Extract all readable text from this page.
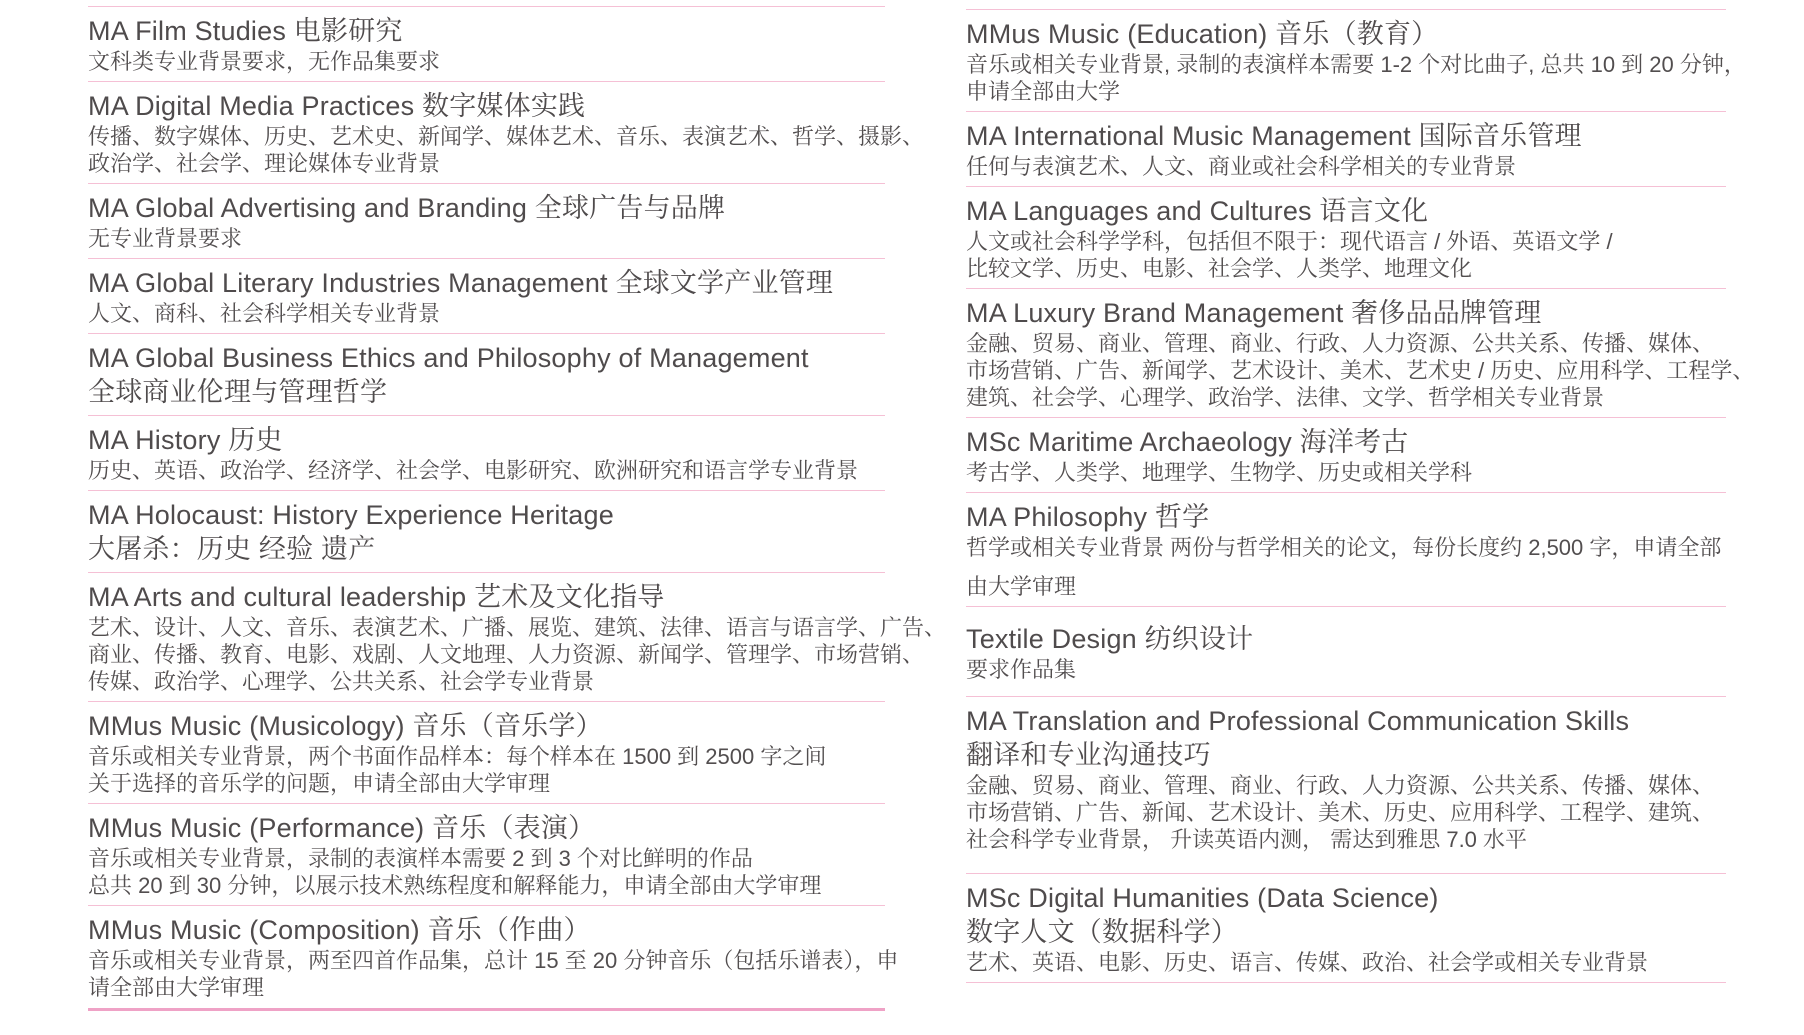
MA Film Studies 电影研究
文科类专业背景要求，无作品集要求
MA Digital Media Practices 数字媒体实践
传播、数字媒体、历史、艺术史、新闻学、媒体艺术、音乐、表演艺术、哲学、摄影、
政治学、社会学、理论媒体专业背景
MA Global Advertising and Branding 全球广告与品牌
无专业背景要求
MA Global Literary Industries Management 全球文学产业管理
人文、商科、社会科学相关专业背景
MA Global Business Ethics and Philosophy of Management
全球商业伦理与管理哲学
MA History 历史
历史、英语、政治学、经济学、社会学、电影研究、欧洲研究和语言学专业背景
MA Holocaust: History Experience Heritage
大屠杀：历史 经验 遗产
MA Arts and cultural leadership 艺术及文化指导
艺术、设计、人文、音乐、表演艺术、广播、展览、建筑、法律、语言与语言学、广告、
商业、传播、教育、电影、戏剧、人文地理、人力资源、新闻学、管理学、市场营销、
传媒、政治学、心理学、公共关系、社会学专业背景
MMus Music (Musicology) 音乐（音乐学）
音乐或相关专业背景，两个书面作品样本：每个样本在 1500 到 2500 字之间
关于选择的音乐学的问题，申请全部由大学审理
MMus Music (Performance) 音乐（表演）
音乐或相关专业背景，录制的表演样本需要 2 到 3 个对比鲜明的作品
总共 20 到 30 分钟，以展示技术熟练程度和解释能力，申请全部由大学审理
MMus Music (Composition) 音乐（作曲）
音乐或相关专业背景，两至四首作品集，总计 15 至 20 分钟音乐（包括乐谱表），申
请全部由大学审理
MMus Music (Education) 音乐（教育）
音乐或相关专业背景, 录制的表演样本需要 1-2 个对比曲子, 总共 10 到 20 分钟，
申请全部由大学
MA International Music Management 国际音乐管理
任何与表演艺术、人文、商业或社会科学相关的专业背景
MA Languages and Cultures 语言文化
人文或社会科学学科，包括但不限于：现代语言 / 外语、英语文学 /
比较文学、历史、电影、社会学、人类学、地理文化
MA Luxury Brand Management 奢侈品品牌管理
金融、贸易、商业、管理、商业、行政、人力资源、公共关系、传播、媒体、
市场营销、广告、新闻学、艺术设计、美术、艺术史 / 历史、应用科学、工程学、
建筑、社会学、心理学、政治学、法律、文学、哲学相关专业背景
MSc Maritime Archaeology 海洋考古
考古学、人类学、地理学、生物学、历史或相关学科
MA Philosophy 哲学
哲学或相关专业背景 两份与哲学相关的论文，每份长度约 2,500 字，申请全部
由大学审理
Textile Design 纺织设计
要求作品集
MA Translation and Professional Communication Skills
翻译和专业沟通技巧
金融、贸易、商业、管理、商业、行政、人力资源、公共关系、传播、媒体、
市场营销、广告、新闻、艺术设计、美术、历史、应用科学、工程学、建筑、
社会科学专业背景， 升读英语内测， 需达到雅思 7.0 水平
MSc Digital Humanities (Data Science)
数字人文（数据科学）
艺术、英语、电影、历史、语言、传媒、政治、社会学或相关专业背景
